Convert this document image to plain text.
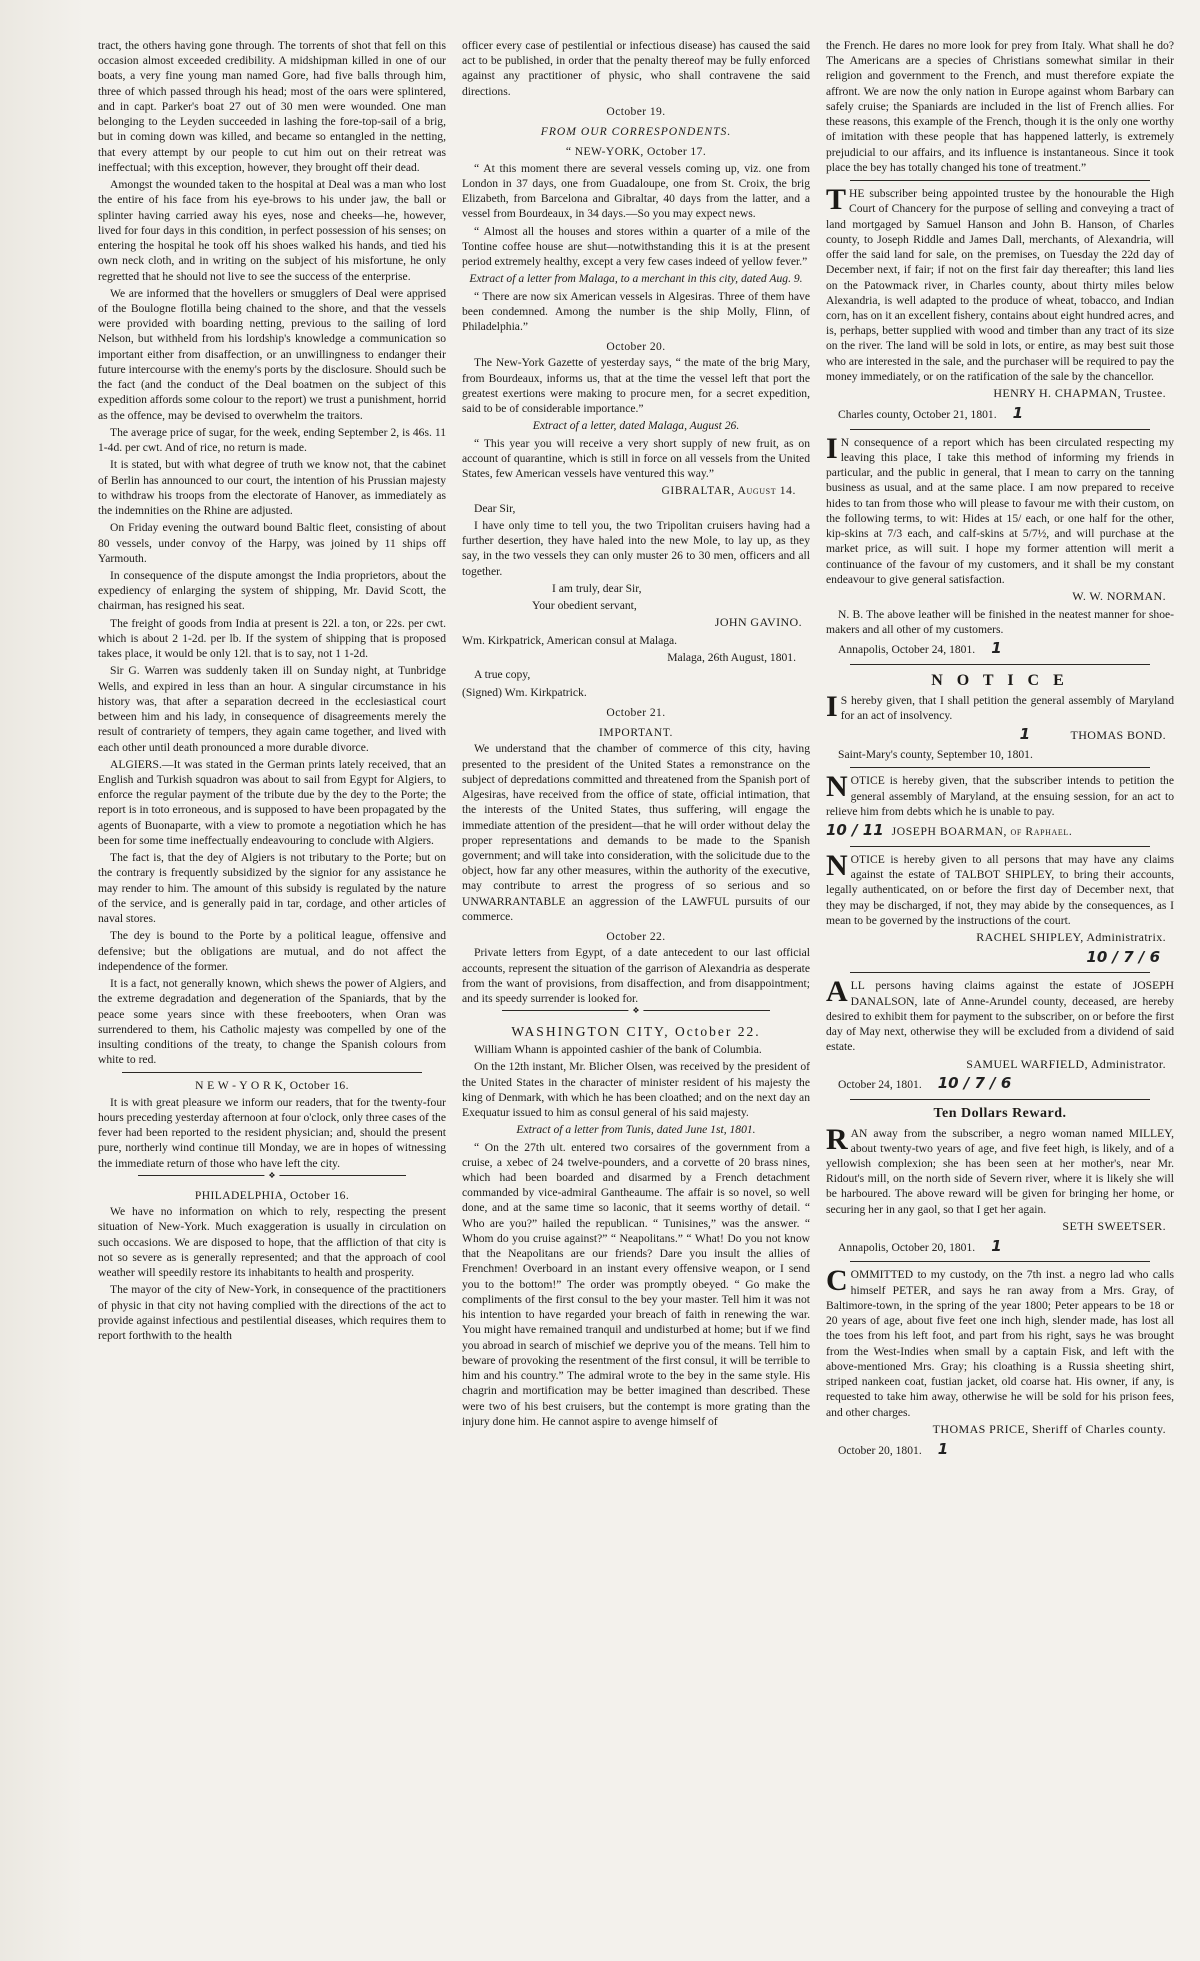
tract, the others having gone through. The torrents of shot that fell on this occasion almost exceeded credibility. A midshipman killed in one of our boats, a very fine young man named Gore, had five balls through him, three of which passed through his head; most of the oars were splintered, and in capt. Parker's boat 27 out of 30 men were wounded. One man belonging to the Leyden succeeded in lashing the fore-top-sail of a brig, but in coming down was killed, and became so entangled in the netting, that every attempt by our people to cut him out on their retreat was ineffectual; with this exception, however, they brought off their dead.

Amongst the wounded taken to the hospital at Deal was a man who lost the entire of his face from his eye-brows to his under jaw, the ball or splinter having carried away his eyes, nose and cheeks—he, however, lived for four days in this condition, in perfect possession of his senses; on entering the hospital he took off his shoes walked his hands, and tied his own neck cloth, and in writing on the subject of his misfortune, he only regretted that he should not live to see the success of the enterprise.

We are informed that the hovellers or smugglers of Deal were apprised of the Boulogne flotilla being chained to the shore, and that the vessels were provided with boarding netting, previous to the sailing of lord Nelson, but withheld from his lordship's knowledge a communication so important either from disaffection, or an unwillingness to endanger their future intercourse with the enemy's ports by the disclosure. Should such be the fact (and the conduct of the Deal boatmen on the subject of this expedition affords some colour to the report) we trust a punishment, horrid as the offence, may be devised to overwhelm the traitors.

The average price of sugar, for the week, ending September 2, is 46s. 11 1-4d. per cwt. And of rice, no return is made.

It is stated, but with what degree of truth we know not, that the cabinet of Berlin has announced to our court, the intention of his Prussian majesty to withdraw his troops from the electorate of Hanover, as immediately as the indemnities on the Rhine are adjusted.

On Friday evening the outward bound Baltic fleet, consisting of about 80 vessels, under convoy of the Harpy, was joined by 11 ships off Yarmouth.

In consequence of the dispute amongst the India proprietors, about the expediency of enlarging the system of shipping, Mr. David Scott, the chairman, has resigned his seat.

The freight of goods from India at present is 22l. a ton, or 22s. per cwt. which is about 2 1-2d. per lb. If the system of shipping that is proposed takes place, it would be only 12l. that is to say, not 1 1-2d.

Sir G. Warren was suddenly taken ill on Sunday night, at Tunbridge Wells, and expired in less than an hour. A singular circumstance in his history was, that after a separation decreed in the ecclesiastical court between him and his lady, in consequence of disagreements merely the result of contrariety of tempers, they again came together, and lived with each other until death pronounced a more durable divorce.

ALGIERS.—It was stated in the German prints lately received, that an English and Turkish squadron was about to sail from Egypt for Algiers, to enforce the regular payment of the tribute due by the dey to the Porte; the report is in toto erroneous, and is supposed to have been propagated by the agents of Buonaparte, with a view to promote a negotiation which he has been for some time ineffectually endeavouring to conclude with Algiers.

The fact is, that the dey of Algiers is not tributary to the Porte; but on the contrary is frequently subsidized by the signior for any assistance he may render to him. The amount of this subsidy is regulated by the nature of the service, and is generally paid in tar, cordage, and other articles of naval stores.

The dey is bound to the Porte by a political league, offensive and defensive; but the obligations are mutual, and do not affect the independence of the former.

It is a fact, not generally known, which shews the power of Algiers, and the extreme degradation and degeneration of the Spaniards, that by the peace some years since with these freebooters, when Oran was surrendered to them, his Catholic majesty was compelled by one of the insulting conditions of the treaty, to change the Spanish colours from white to red.

N E W - Y O R K, October 16.

It is with great pleasure we inform our readers, that for the twenty-four hours preceding yesterday afternoon at four o'clock, only three cases of the fever had been reported to the resident physician; and, should the present pure, northerly wind continue till Monday, we are in hopes of witnessing the immediate return of those who have left the city.

❖
PHILADELPHIA, October 16.

We have no information on which to rely, respecting the present situation of New-York. Much exaggeration is usually in circulation on such occasions. We are disposed to hope, that the affliction of that city is not so severe as is generally represented; and that the approach of cool weather will speedily restore its inhabitants to health and prosperity.

The mayor of the city of New-York, in consequence of the practitioners of physic in that city not having complied with the directions of the act to provide against infectious and pestilential diseases, which requires them to report forthwith to the health

officer every case of pestilential or infectious disease) has caused the said act to be published, in order that the penalty thereof may be fully enforced against any practitioner of physic, who shall contravene the said directions.

October 19.
FROM OUR CORRESPONDENTS.
“ NEW-YORK, October 17.

“ At this moment there are several vessels coming up, viz. one from London in 37 days, one from Guadaloupe, one from St. Croix, the brig Elizabeth, from Barcelona and Gibraltar, 40 days from the latter, and a vessel from Bourdeaux, in 34 days.—So you may expect news.

“ Almost all the houses and stores within a quarter of a mile of the Tontine coffee house are shut—notwithstanding this it is at the present period extremely healthy, except a very few cases indeed of yellow fever.”

Extract of a letter from Malaga, to a merchant in this city, dated Aug. 9.

“ There are now six American vessels in Algesiras. Three of them have been condemned. Among the number is the ship Molly, Flinn, of Philadelphia.”

October 20.

The New-York Gazette of yesterday says, “ the mate of the brig Mary, from Bourdeaux, informs us, that at the time the vessel left that port the greatest exertions were making to procure men, for a secret expedition, said to be of considerable importance.”

Extract of a letter, dated Malaga, August 26.

“ This year you will receive a very short supply of new fruit, as on account of quarantine, which is still in force on all vessels from the United States, few American vessels have ventured this way.”

GIBRALTAR, August 14.

Dear Sir,

I have only time to tell you, the two Tripolitan cruisers having had a further desertion, they have haled into the new Mole, to lay up, as they say, in the two vessels they can only muster 26 to 30 men, officers and all together.

I am truly, dear Sir,

Your obedient servant,

JOHN GAVINO.

Wm. Kirkpatrick, American consul at Malaga.

Malaga, 26th August, 1801.

A true copy,

(Signed) Wm. Kirkpatrick.

October 21.
IMPORTANT.

We understand that the chamber of commerce of this city, having presented to the president of the United States a remonstrance on the subject of depredations committed and threatened from the Spanish port of Algesiras, have received from the office of state, official intimation, that the interests of the United States, thus suffering, will engage the immediate attention of the president—that he will order without delay the proper representations and demands to be made to the Spanish government; and will take into consideration, with the solicitude due to the object, how far any other measures, within the authority of the executive, may contribute to arrest the progress of so serious and so UNWARRANTABLE an aggression of the LAWFUL pursuits of our commerce.

October 22.

Private letters from Egypt, of a date antecedent to our last official accounts, represent the situation of the garrison of Alexandria as desperate from the want of provisions, from disaffection, and from disappointment; and its speedy surrender is looked for.

❖
WASHINGTON CITY, October 22.

William Whann is appointed cashier of the bank of Columbia.

On the 12th instant, Mr. Blicher Olsen, was received by the president of the United States in the character of minister resident of his majesty the king of Denmark, with which he has been cloathed; and on the next day an Exequatur issued to him as consul general of his said majesty.

Extract of a letter from Tunis, dated June 1st, 1801.

“ On the 27th ult. entered two corsaires of the government from a cruise, a xebec of 24 twelve-pounders, and a corvette of 20 brass nines, which had been boarded and disarmed by a French detachment commanded by vice-admiral Gantheaume. The affair is so novel, so well done, and at the same time so laconic, that it seems worthy of detail. “ Who are you?” hailed the republican. “ Tunisines,” was the answer. “ Whom do you cruise against?” “ Neapolitans.” “ What! Do you not know that the Neapolitans are our friends? Dare you insult the allies of Frenchmen! Overboard in an instant every offensive weapon, or I send you to the bottom!” The order was promptly obeyed. “ Go make the compliments of the first consul to the bey your master. Tell him it was not his intention to have regarded your breach of faith in renewing the war. You might have remained tranquil and undisturbed at home; but if we find you abroad in search of mischief we deprive you of the means. Tell him to beware of provoking the resentment of the first consul, it will be terrible to him and his country.” The admiral wrote to the bey in the same style. His chagrin and mortification may be better imagined than described. These were two of his best cruisers, but the contempt is more grating than the injury done him. He cannot aspire to avenge himself of

the French. He dares no more look for prey from Italy. What shall he do? The Americans are a species of Christians somewhat similar in their religion and government to the French, and must therefore expiate the affront. We are now the only nation in Europe against whom Barbary can safely cruise; the Spaniards are included in the list of French allies. For these reasons, this example of the French, though it is the only one worthy of imitation with these people that has happened latterly, is extremely prejudicial to our affairs, and its influence is instantaneous. Since it took place the bey has totally changed his tone of treatment.”

THE subscriber being appointed trustee by the honourable the High Court of Chancery for the purpose of selling and conveying a tract of land mortgaged by Samuel Hanson and John B. Hanson, of Charles county, to Joseph Riddle and James Dall, merchants, of Alexandria, will offer the said land for sale, on the premises, on Tuesday the 22d day of December next, if fair; if not on the first fair day thereafter; this land lies on the Patowmack river, in Charles county, about thirty miles below Alexandria, is well adapted to the produce of wheat, tobacco, and Indian corn, has on it an excellent fishery, contains about eight hundred acres, and is, perhaps, better supplied with wood and timber than any tract of its size on the river. The land will be sold in lots, or entire, as may best suit those who are interested in the sale, and the purchaser will be required to pay the money immediately, or on the ratification of the sale by the chancellor.

HENRY H. CHAPMAN, Trustee.

Charles county, October 21, 1801. 1

I N consequence of a report which has been circulated respecting my leaving this place, I take this method of informing my friends in particular, and the public in general, that I mean to carry on the tanning business as usual, and at the same place. I am now prepared to receive hides to tan from those who will please to favour me with their custom, on the following terms, to wit: Hides at 15/ each, or one half for the other, kip-skins at 7/3 each, and calf-skins at 5/7½, and will purchase at the market price, as will suit. I hope my former attention will merit a continuance of the favour of my customers, and it shall be my constant endeavour to give general satisfaction.

W. W. NORMAN.

N. B. The above leather will be finished in the neatest manner for shoe-makers and all other of my customers.

Annapolis, October 24, 1801. 1

N O T I C E

I S hereby given, that I shall petition the general assembly of Maryland for an act of insolvency.

1	THOMAS BOND.

Saint-Mary's county, September 10, 1801.

NOTICE is hereby given, that the subscriber intends to petition the general assembly of Maryland, at the ensuing session, for an act to relieve him from debts which he is unable to pay.

10 / 11 JOSEPH BOARMAN, of Raphael.

NOTICE is hereby given to all persons that may have any claims against the estate of TALBOT SHIPLEY, to bring their accounts, legally authenticated, on or before the first day of December next, that they may be discharged, if not, they may abide by the consequences, as I mean to be governed by the instructions of the court.

RACHEL SHIPLEY, Administratrix.

10 / 7 / 6

ALL persons having claims against the estate of JOSEPH DANALSON, late of Anne-Arundel county, deceased, are hereby desired to exhibit them for payment to the subscriber, on or before the first day of May next, otherwise they will be excluded from a dividend of said estate.

SAMUEL WARFIELD, Administrator.

October 24, 1801. 10 / 7 / 6

Ten Dollars Reward.

RAN away from the subscriber, a negro woman named MILLEY, about twenty-two years of age, and five feet high, is likely, and of a yellowish complexion; she has been seen at her mother's, near Mr. Ridout's mill, on the north side of Severn river, where it is likely she will be harboured. The above reward will be given for bringing her home, or securing her in any gaol, so that I get her again.

SETH SWEETSER.

Annapolis, October 20, 1801. 1

COMMITTED to my custody, on the 7th inst. a negro lad who calls himself PETER, and says he ran away from a Mrs. Gray, of Baltimore-town, in the spring of the year 1800; Peter appears to be 18 or 20 years of age, about five feet one inch high, slender made, has lost all the toes from his left foot, and part from his right, says he was brought from the West-Indies when small by a captain Fisk, and left with the above-mentioned Mrs. Gray; his cloathing is a Russia sheeting shirt, striped nankeen coat, fustian jacket, old coarse hat. His owner, if any, is requested to take him away, otherwise he will be sold for his prison fees, and other charges.

THOMAS PRICE, Sheriff of Charles county.

October 20, 1801. 1
